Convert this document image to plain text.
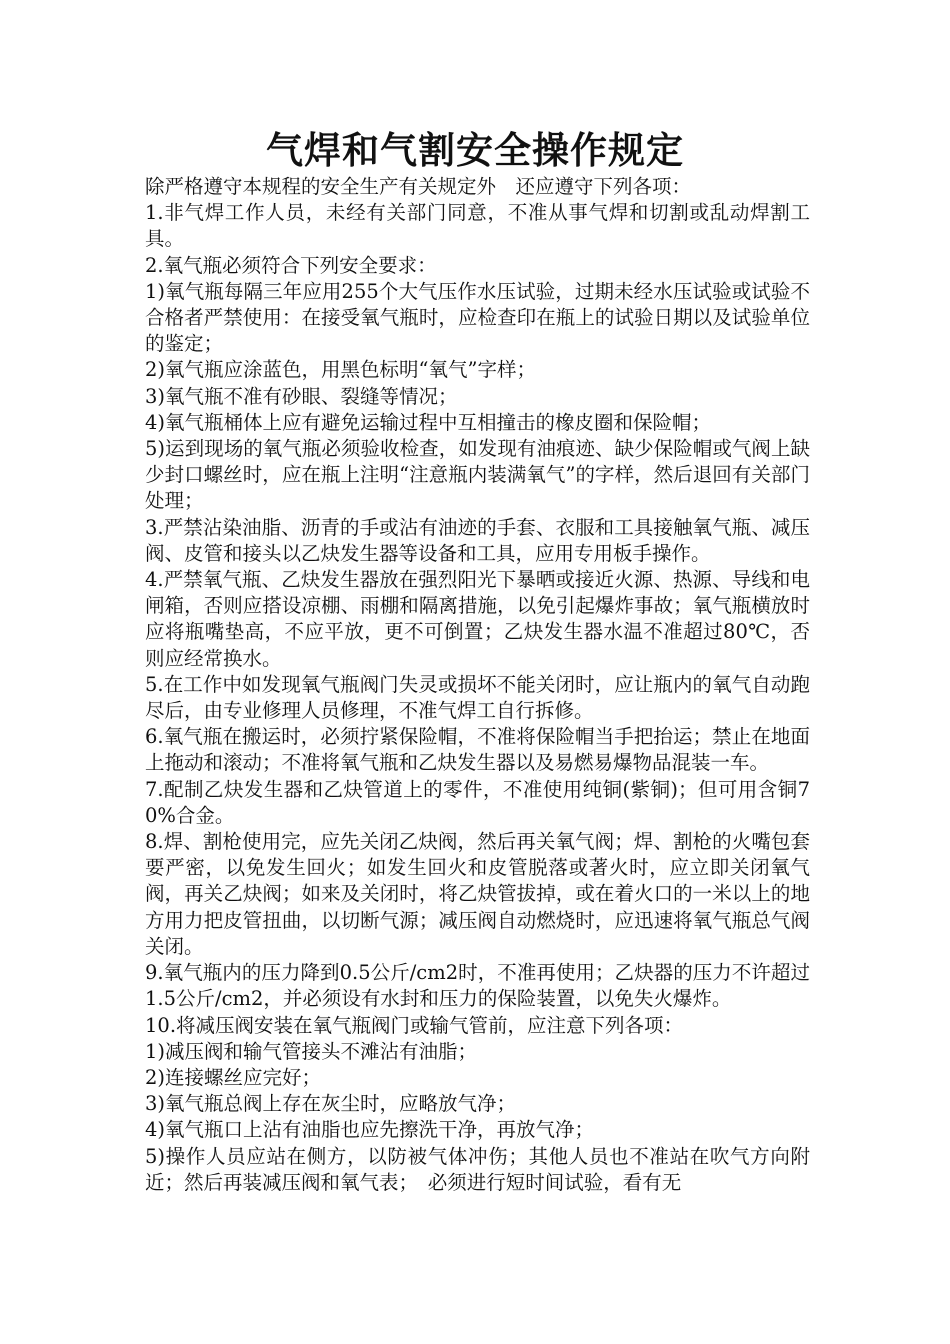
气焊和气割安全操作规定

除严格遵守本规程的安全生产有关规定外　还应遵守下列各项：

1.非气焊工作人员，未经有关部门同意，不准从事气焊和切割或乱动焊割工具。

2.氧气瓶必须符合下列安全要求：

1)氧气瓶每隔三年应用255个大气压作水压试验，过期未经水压试验或试验不合格者严禁使用：在接受氧气瓶时，应检查印在瓶上的试验日期以及试验单位的鉴定；

2)氧气瓶应涂蓝色，用黑色标明“氧气”字样；

3)氧气瓶不准有砂眼、裂缝等情况；

4)氧气瓶桶体上应有避免运输过程中互相撞击的橡皮圈和保险帽；

5)运到现场的氧气瓶必须验收检查，如发现有油痕迹、缺少保险帽或气阀上缺少封口螺丝时，应在瓶上注明“注意瓶内装满氧气”的字样，然后退回有关部门处理；

3.严禁沾染油脂、沥青的手或沾有油迹的手套、衣服和工具接触氧气瓶、减压阀、皮管和接头以乙炔发生器等设备和工具，应用专用板手操作。

4.严禁氧气瓶、乙炔发生器放在强烈阳光下暴晒或接近火源、热源、导线和电闸箱，否则应搭设凉棚、雨棚和隔离措施，以免引起爆炸事故；氧气瓶横放时应将瓶嘴垫高，不应平放，更不可倒置；乙炔发生器水温不准超过80℃，否则应经常换水。

5.在工作中如发现氧气瓶阀门失灵或损坏不能关闭时，应让瓶内的氧气自动跑尽后，由专业修理人员修理，不准气焊工自行拆修。

6.氧气瓶在搬运时，必须拧紧保险帽，不准将保险帽当手把抬运；禁止在地面上拖动和滚动；不准将氧气瓶和乙炔发生器以及易燃易爆物品混装一车。

7.配制乙炔发生器和乙炔管道上的零件，不准使用纯铜(紫铜)；但可用含铜70%合金。

8.焊、割枪使用完，应先关闭乙炔阀，然后再关氧气阀；焊、割枪的火嘴包套要严密，以免发生回火；如发生回火和皮管脱落或著火时，应立即关闭氧气阀，再关乙炔阀；如来及关闭时，将乙炔管拔掉，或在着火口的一米以上的地方用力把皮管扭曲，以切断气源；减压阀自动燃烧时，应迅速将氧气瓶总气阀关闭。

9.氧气瓶内的压力降到0.5公斤/cm2时，不准再使用；乙炔器的压力不许超过1.5公斤/cm2，并必须设有水封和压力的保险装置，以免失火爆炸。

10.将减压阀安装在氧气瓶阀门或输气管前，应注意下列各项：

1)减压阀和输气管接头不滩沾有油脂；

2)连接螺丝应完好；

3)氧气瓶总阀上存在灰尘时，应略放气净；

4)氧气瓶口上沾有油脂也应先擦洗干净，再放气净；

5)操作人员应站在侧方，以防被气体冲伤；其他人员也不准站在吹气方向附近；然后再装减压阀和氧气表；　必须进行短时间试验，看有无
